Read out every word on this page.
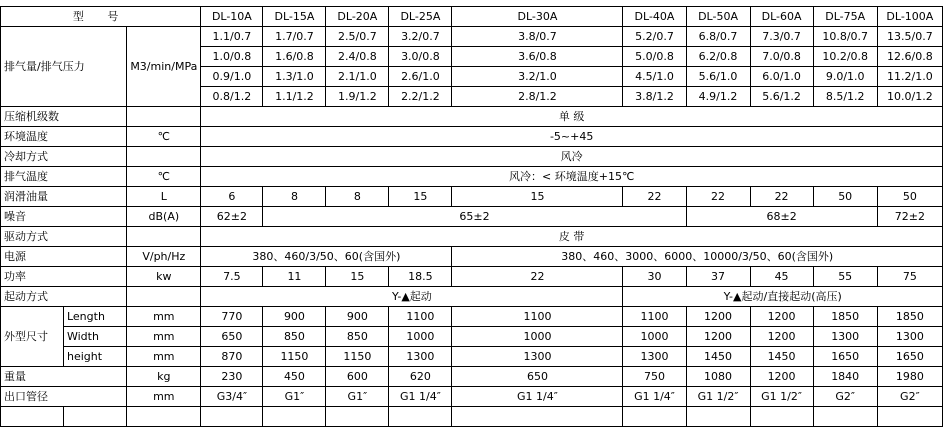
型 号			DL-10A	DL-15A	DL-20A	DL-25A	DL-30A	DL-40A	DL-50A	DL-60A	DL-75A	DL-100A
排气量/排气压力		M3/min/MPa	1.1/0.7	1.7/0.7	2.5/0.7	3.2/0.7	3.8/0.7	5.2/0.7	6.8/0.7	7.3/0.7	10.8/0.7	13.5/0.7
			1.0/0.8	1.6/0.8	2.4/0.8	3.0/0.8	3.6/0.8	5.0/0.8	6.2/0.8	7.0/0.8	10.2/0.8	12.6/0.8
			0.9/1.0	1.3/1.0	2.1/1.0	2.6/1.0	3.2/1.0	4.5/1.0	5.6/1.0	6.0/1.0	9.0/1.0	11.2/1.0
			0.8/1.2	1.1/1.2	1.9/1.2	2.2/1.2	2.8/1.2	3.8/1.2	4.9/1.2	5.6/1.2	8.5/1.2	10.0/1.2
压缩机级数			单 级									
环境温度		℃	-5~+45									
冷却方式			风冷									
排气温度		℃	风冷：< 环境温度+15℃									
润滑油量		L	6	8	8	15	15	22	22	22	50	50
噪音		dB(A)	62±2	65±2					68±2			72±2
驱动方式			皮 带									
电源		V/ph/Hz	380、460/3/50、60(含国外)				380、460、3000、6000、10000/3/50、60(含国外)					
功率		kw	7.5	11	15	18.5	22	30	37	45	55	75
起动方式			Y-▲起动					Y-▲起动/直接起动(高压)				
外型尺寸	Length	mm	770	900	900	1100	1100	1100	1200	1200	1850	1850
	Width	mm	650	850	850	1000	1000	1000	1200	1200	1300	1300
	height	mm	870	1150	1150	1300	1300	1300	1450	1450	1650	1650
重量		kg	230	450	600	620	650	750	1080	1200	1840	1980
出口管径		mm	G3/4″	G1″	G1″	G1 1/4″	G1 1/4″	G1 1/4″	G1 1/2″	G1 1/2″	G2″	G2″
